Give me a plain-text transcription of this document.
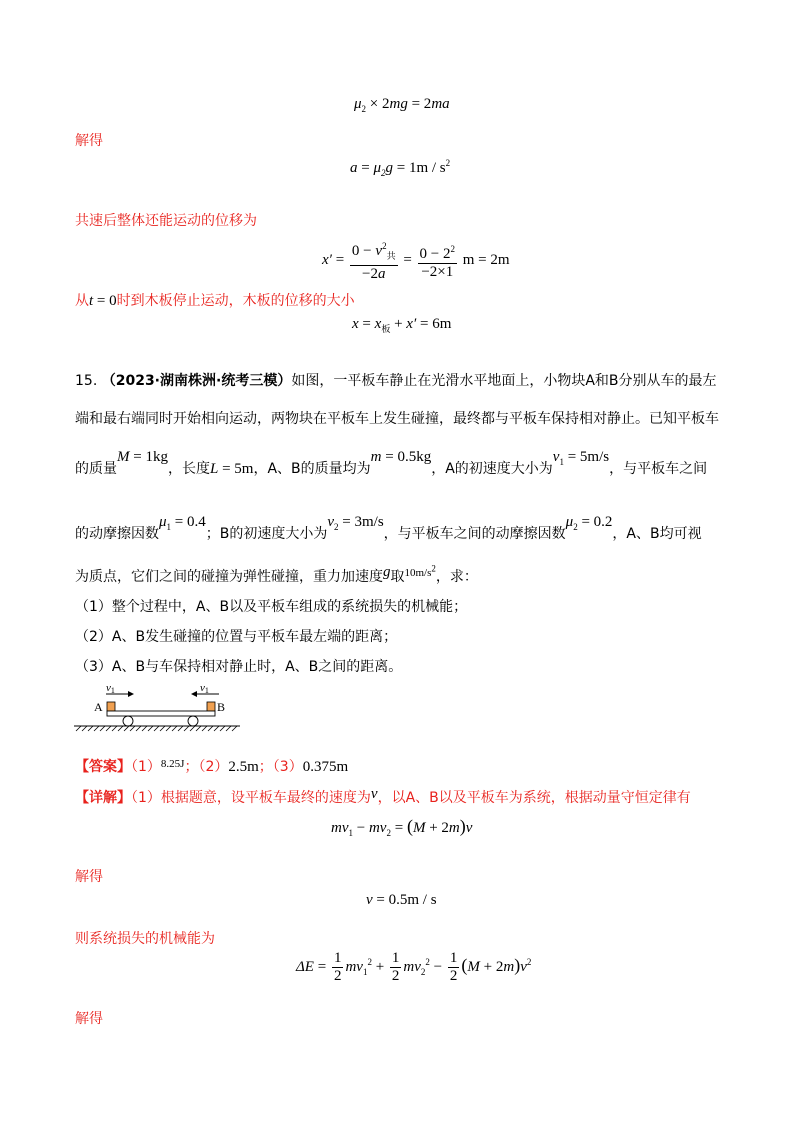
$\mu_2 \times 2mg = 2ma$
解得
$a = \mu_2g = 1m / s^2$
共速后整体还能运动的位移为
$x' = \frac{0 - v^2_共}{-2a} = \frac{0 - 2^2}{-2\times 1}$ m = 2m
从t = 0时到木板停止运动，木板的位移的大小
$x = x_板 + x' = 6m$
15. （2023·湖南株洲·统考三模）如图，一平板车静止在光滑水平地面上，小物块A和B分别从车的最左
端和最右端同时开始相向运动，两物块在平板车上发生碰撞，最终都与平板车保持相对静止。已知平板车
的质量M = 1kg，长度L = 5m，A、B的质量均为m = 0.5kg，A的初速度大小为$v_1 = 5m/s$，与平板车之间
的动摩擦因数$\mu_1 = 0.4$；B的初速度大小为$v_2 = 3m/s$，与平板车之间的动摩擦因数$\mu_2 = 0.2$，A、B均可视
为质点，它们之间的碰撞为弹性碰撞，重力加速度g取$^{10m/s^2}$，求：
（1）整个过程中，A、B以及平板车组成的系统损失的机械能；
（2）A、B发生碰撞的位置与平板车最左端的距离；
（3）A、B与车保持相对静止时，A、B之间的距离。
v1	v1
A	B
【答案】$(1)^{8.25J}$；（2）2.5m；（3）0.375m
【详解】（1）根据题意，设平板车最终的速度为v，以A、B以及平板车为系统，根据动量守恒定律有
$mv_1 - mv_2 = (M + 2m)v$
解得
v = 0.5m / s
则系统损失的机械能为
$\Delta E = \frac{1}{2} mv_1^2 + \frac{1}{2} mv_2^2 - \frac{1}{2} (M + 2m)v^2$
解得
